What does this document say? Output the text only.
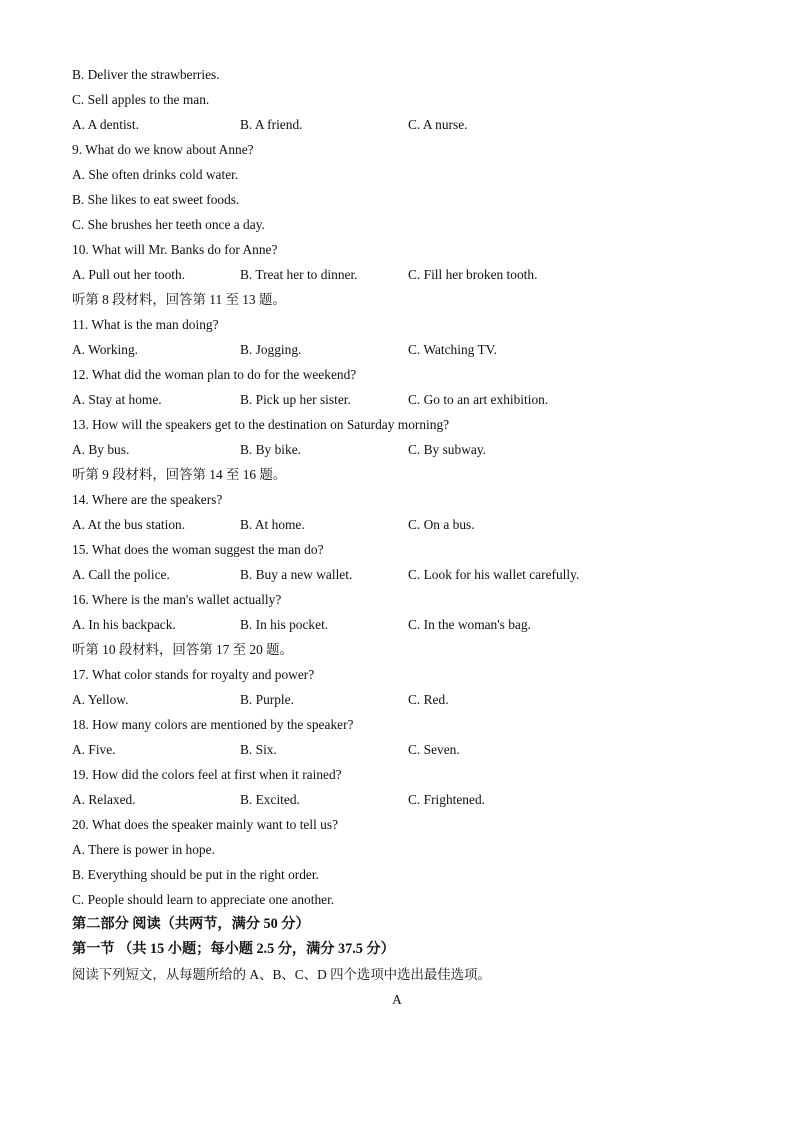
B. Deliver the strawberries.
C. Sell apples to the man.
A. A dentist.	B. A friend.	C. A nurse.
9. What do we know about Anne?
A. She often drinks cold water.
B. She likes to eat sweet foods.
C. She brushes her teeth once a day.
10. What will Mr. Banks do for Anne?
A. Pull out her tooth.	B. Treat her to dinner.	C. Fill her broken tooth.
听第 8 段材料，回答第 11 至 13 题。
11. What is the man doing?
A. Working.	B. Jogging.	C. Watching TV.
12. What did the woman plan to do for the weekend?
A. Stay at home.	B. Pick up her sister.	C. Go to an art exhibition.
13. How will the speakers get to the destination on Saturday morning?
A. By bus.	B. By bike.	C. By subway.
听第 9 段材料，回答第 14 至 16 题。
14. Where are the speakers?
A. At the bus station.	B. At home.	C. On a bus.
15. What does the woman suggest the man do?
A. Call the police.	B. Buy a new wallet.	C. Look for his wallet carefully.
16. Where is the man's wallet actually?
A. In his backpack.	B. In his pocket.	C. In the woman's bag.
听第 10 段材料，回答第 17 至 20 题。
17. What color stands for royalty and power?
A. Yellow.	B. Purple.	C. Red.
18. How many colors are mentioned by the speaker?
A. Five.	B. Six.	C. Seven.
19. How did the colors feel at first when it rained?
A. Relaxed.	B. Excited.	C. Frightened.
20. What does the speaker mainly want to tell us?
A. There is power in hope.
B. Everything should be put in the right order.
C. People should learn to appreciate one another.
第二部分 阅读（共两节，满分 50 分）
第一节 （共 15 小题；每小题 2.5 分，满分 37.5 分）
阅读下列短文，从每题所给的 A、B、C、D 四个选项中选出最佳选项。
A
